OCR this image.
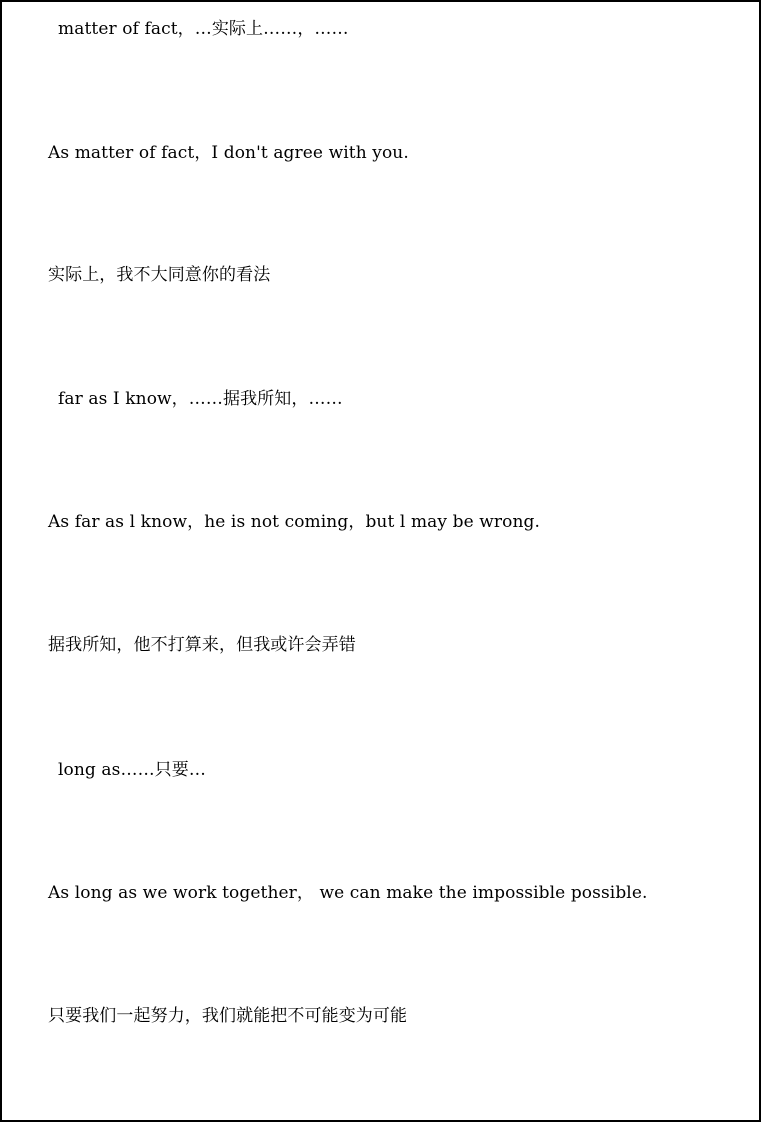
matter of fact，…实际上……，……
As matter of fact，I don't agree with you.
实际上，我不大同意你的看法
far as I know，……据我所知，……
As far as l know，he is not coming，but l may be wrong.
据我所知，他不打算来，但我或许会弄错
long as……只要…
As long as we work together， we can make the impossible possible.
只要我们一起努力，我们就能把不可能变为可能
